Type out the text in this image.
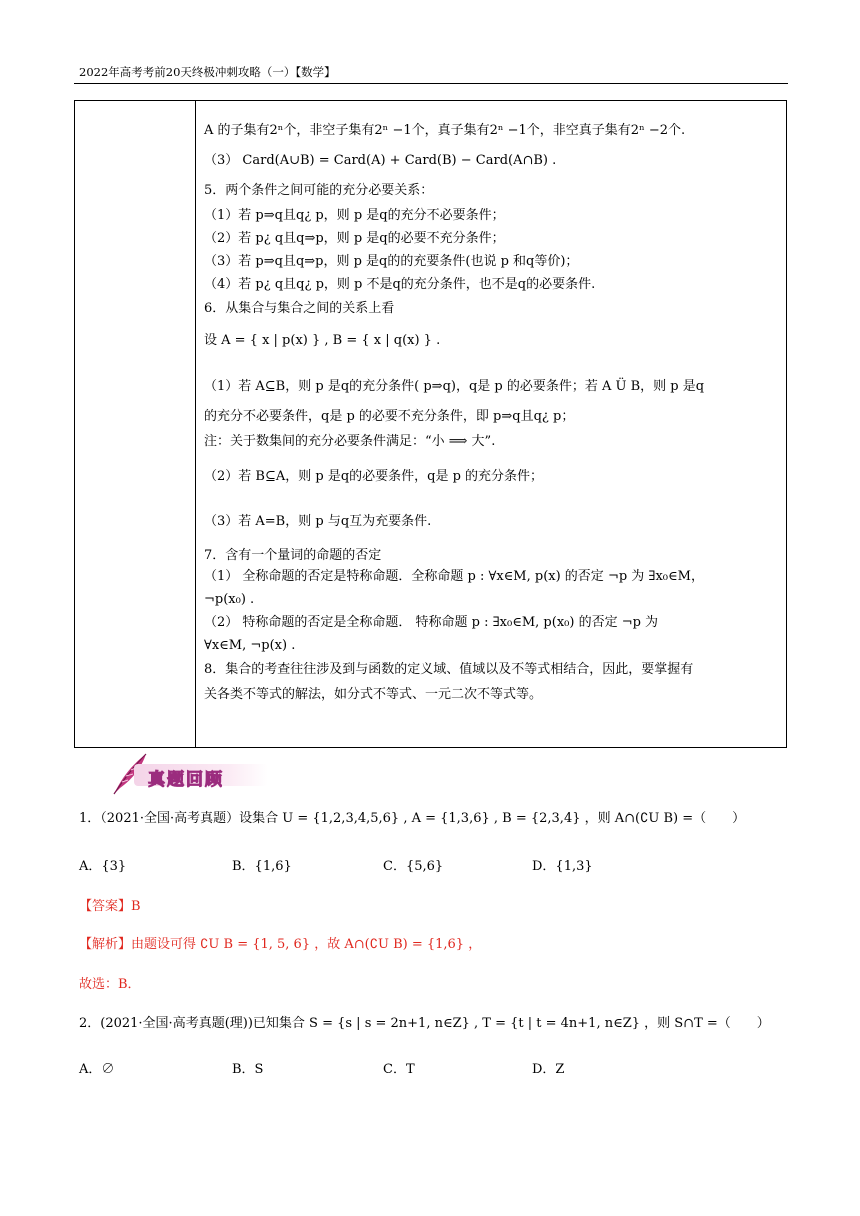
2022年高考考前20天终极冲刺攻略（一）【数学】
A 的子集有2ⁿ个，非空子集有2ⁿ −1个，真子集有2ⁿ −1个，非空真子集有2ⁿ −2个.
（3） Card(A∪B) = Card(A) + Card(B) − Card(A∩B) .
5．两个条件之间可能的充分必要关系：
（1）若 p⇒q且q¿ p，则 p 是q的充分不必要条件；
（2）若 p¿ q且q⇒p，则 p 是q的必要不充分条件；
（3）若 p⇒q且q⇒p，则 p 是q的的充要条件(也说 p 和q等价)；
（4）若 p¿ q且q¿ p，则 p 不是q的充分条件，也不是q的必要条件.
6．从集合与集合之间的关系上看
设 A = { x | p(x) } , B = { x | q(x) } .
（1）若 A⊆B，则 p 是q的充分条件( p⇒q)，q是 p 的必要条件；若 A Ü B，则 p 是q
的充分不必要条件，q是 p 的必要不充分条件，即 p⇒q且q¿ p；
注：关于数集间的充分必要条件满足：“小 ⟹ 大”.
（2）若 B⊆A，则 p 是q的必要条件，q是 p 的充分条件；
（3）若 A=B，则 p 与q互为充要条件.
7．含有一个量词的命题的否定
（1） 全称命题的否定是特称命题．全称命题 p : ∀x∈M, p(x) 的否定 ¬p 为 ∃x₀∈M，
¬p(x₀) .
（2） 特称命题的否定是全称命题． 特称命题 p : ∃x₀∈M, p(x₀) 的否定 ¬p 为
∀x∈M, ¬p(x) .
8．集合的考查往往涉及到与函数的定义域、值域以及不等式相结合，因此，要掌握有
关各类不等式的解法，如分式不等式、一元二次不等式等。
真题回顾
1．（2021·全国·高考真题）设集合 U = {1,2,3,4,5,6} , A = {1,3,6} , B = {2,3,4} ，则 A∩(∁U B) =（　　）
A．{3}	B．{1,6}	C．{5,6}	D．{1,3}
【答案】B
【解析】由题设可得 ∁U B = {1, 5, 6} ，故 A∩(∁U B) = {1,6} ，
故选：B．
2．(2021·全国·高考真题(理))已知集合 S = {s | s = 2n+1, n∈Z} , T = {t | t = 4n+1, n∈Z} ，则 S∩T =（　　）
A．∅	B．S	C．T	D．Z
